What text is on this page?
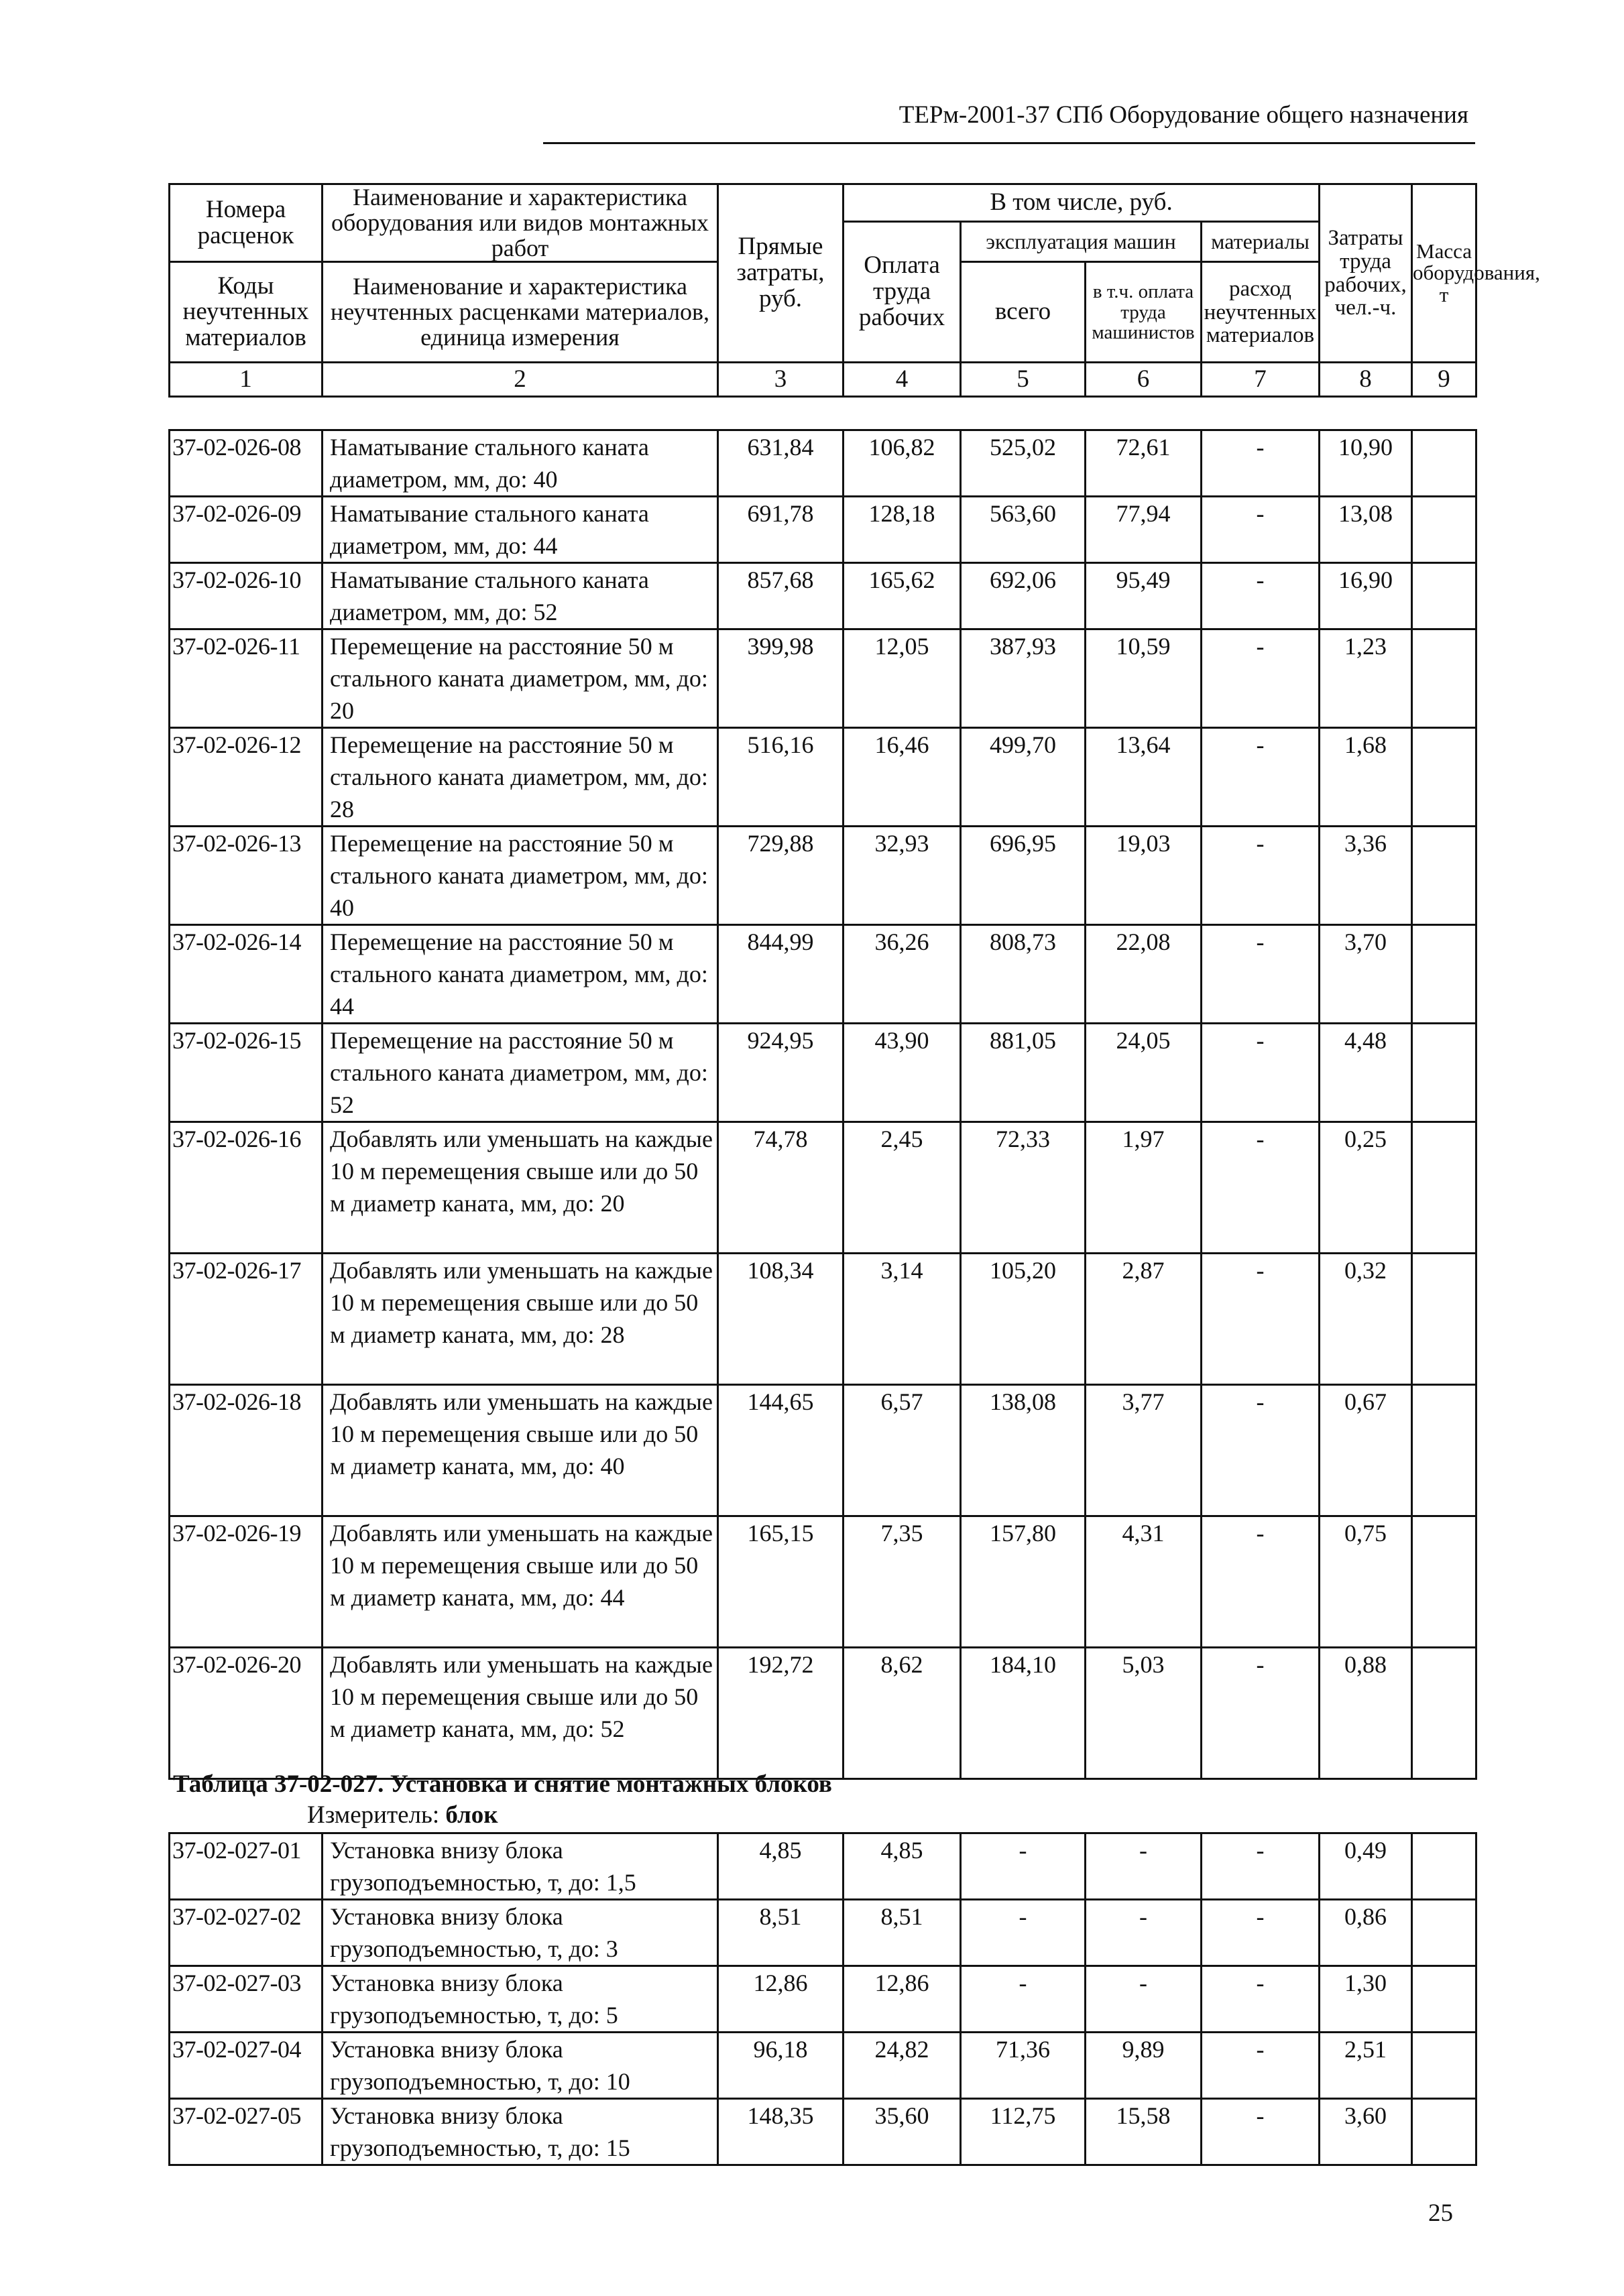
ТЕРм-2001-37 СПб Оборудование общего назначения
Номера расценок	Наименование и характеристика оборудования или видов монтажных работ	Прямые затраты, руб.	В том числе, руб.				Затраты труда рабочих, чел.-ч.	Масса оборудования, т
			Оплата труда рабочих	эксплуатация машин		материалы		
Коды неучтенных материалов	Наименование и характеристика неучтенных расценками материалов, единица измерения			всего	в т.ч. оплата труда машинистов	расход неучтенных материалов		

1	2	3	4	5	6	7	8	9
37-02-026-08	Наматывание стального каната диаметром, мм, до: 40	631,84	106,82	525,02	72,61	-	10,90	
37-02-026-09	Наматывание стального каната диаметром, мм, до: 44	691,78	128,18	563,60	77,94	-	13,08	
37-02-026-10	Наматывание стального каната диаметром, мм, до: 52	857,68	165,62	692,06	95,49	-	16,90	
37-02-026-11	Перемещение на расстояние 50 м стального каната диаметром, мм, до: 20	399,98	12,05	387,93	10,59	-	1,23	
37-02-026-12	Перемещение на расстояние 50 м стального каната диаметром, мм, до: 28	516,16	16,46	499,70	13,64	-	1,68	
37-02-026-13	Перемещение на расстояние 50 м стального каната диаметром, мм, до: 40	729,88	32,93	696,95	19,03	-	3,36	
37-02-026-14	Перемещение на расстояние 50 м стального каната диаметром, мм, до: 44	844,99	36,26	808,73	22,08	-	3,70	
37-02-026-15	Перемещение на расстояние 50 м стального каната диаметром, мм, до: 52	924,95	43,90	881,05	24,05	-	4,48	
37-02-026-16	Добавлять или уменьшать на каждые 10 м перемещения свыше или до 50 м диаметр каната, мм, до: 20	74,78	2,45	72,33	1,97	-	0,25	
37-02-026-17	Добавлять или уменьшать на каждые 10 м перемещения свыше или до 50 м диаметр каната, мм, до: 28	108,34	3,14	105,20	2,87	-	0,32	
37-02-026-18	Добавлять или уменьшать на каждые 10 м перемещения свыше или до 50 м диаметр каната, мм, до: 40	144,65	6,57	138,08	3,77	-	0,67	
37-02-026-19	Добавлять или уменьшать на каждые 10 м перемещения свыше или до 50 м диаметр каната, мм, до: 44	165,15	7,35	157,80	4,31	-	0,75	
37-02-026-20	Добавлять или уменьшать на каждые 10 м перемещения свыше или до 50 м диаметр каната, мм, до: 52	192,72	8,62	184,10	5,03	-	0,88	
Таблица 37-02-027. Установка и снятие монтажных блоков
Измеритель: блок
37-02-027-01	Установка внизу блока грузоподъемностью, т, до: 1,5	4,85	4,85	-	-	-	0,49	
37-02-027-02	Установка внизу блока грузоподъемностью, т, до: 3	8,51	8,51	-	-	-	0,86	
37-02-027-03	Установка внизу блока грузоподъемностью, т, до: 5	12,86	12,86	-	-	-	1,30	
37-02-027-04	Установка внизу блока грузоподъемностью, т, до: 10	96,18	24,82	71,36	9,89	-	2,51	
37-02-027-05	Установка внизу блока грузоподъемностью, т, до: 15	148,35	35,60	112,75	15,58	-	3,60	
25
